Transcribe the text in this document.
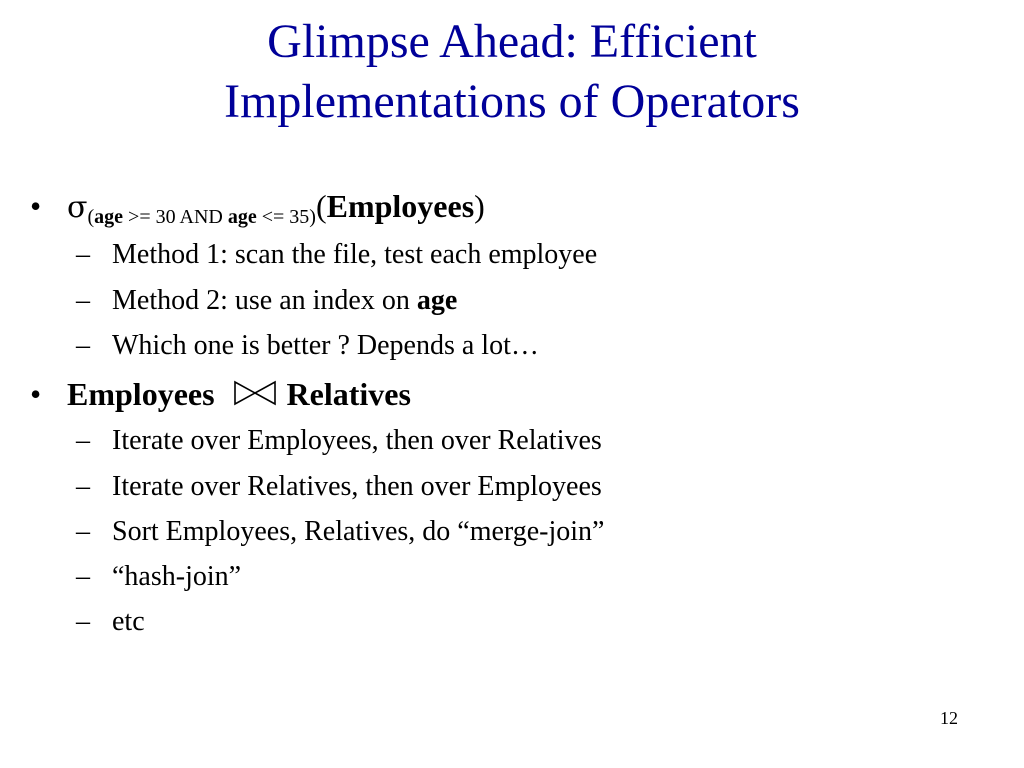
Glimpse Ahead: Efficient
Implementations of Operators
• σ(age >= 30 AND age <= 35)(Employees)
– Method 1: scan the file, test each employee
– Method 2: use an index on age
– Which one is better ? Depends a lot…
• Employees Relatives
– Iterate over Employees, then over Relatives
– Iterate over Relatives, then over Employees
– Sort Employees, Relatives, do “merge-join”
– “hash-join”
– etc
12
